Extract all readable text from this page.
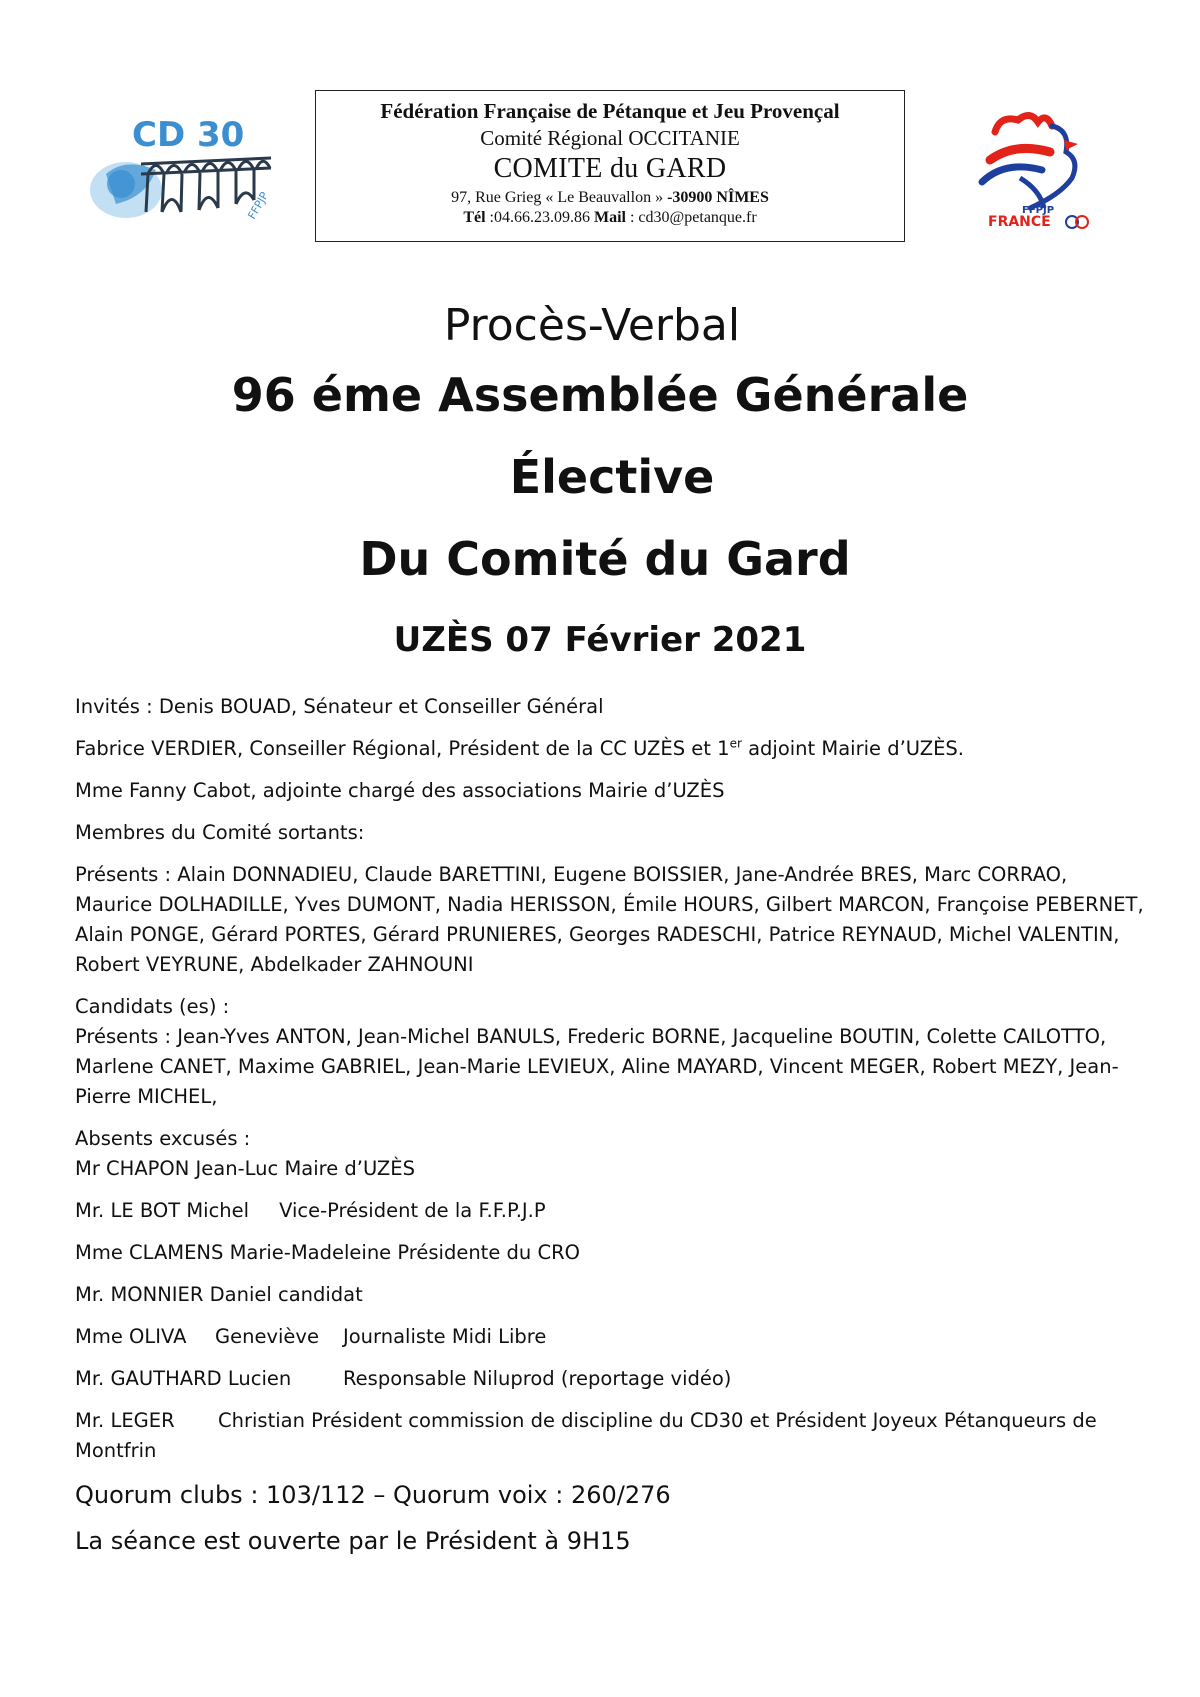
CD 30
FFPJP
Fédération Française de Pétanque et Jeu Provençal
Comité Régional OCCITANIE
COMITE du GARD
97, Rue Grieg « Le Beauvallon » -30900 NÎMES
Tél :04.66.23.09.86 Mail : cd30@petanque.fr	FFPJP
FRANCE
Procès-Verbal
96 éme Assemblée Générale
Élective
Du Comité du Gard
UZÈS 07 Février 2021

Invités : Denis BOUAD, Sénateur et Conseiller Général

Fabrice VERDIER, Conseiller Régional, Président de la CC UZÈS et 1er adjoint Mairie d’UZÈS.

Mme Fanny Cabot, adjointe chargé des associations Mairie d’UZÈS

Membres du Comité sortants:

Présents : Alain DONNADIEU, Claude BARETTINI, Eugene BOISSIER, Jane-Andrée BRES, Marc CORRAO, Maurice DOLHADILLE, Yves DUMONT, Nadia HERISSON, Émile HOURS, Gilbert MARCON, Françoise PEBERNET, Alain PONGE, Gérard PORTES, Gérard PRUNIERES, Georges RADESCHI, Patrice REYNAUD, Michel VALENTIN, Robert VEYRUNE, Abdelkader ZAHNOUNI

Candidats (es) :

Présents : Jean-Yves ANTON, Jean-Michel BANULS, Frederic BORNE, Jacqueline BOUTIN, Colette CAILOTTO, Marlene CANET, Maxime GABRIEL, Jean-Marie LEVIEUX, Aline MAYARD, Vincent MEGER, Robert MEZY, Jean-Pierre MICHEL,

Absents excusés :

Mr CHAPON Jean-Luc Maire d’UZÈS

Mr. LE BOT Michel Vice-Président de la F.F.P.J.P

Mme CLAMENS Marie-Madeleine Présidente du CRO

Mr. MONNIER Daniel candidat

Mme OLIVA Geneviève Journaliste Midi Libre

Mr. GAUTHARD Lucien	Responsable Niluprod (reportage vidéo)

Mr. LEGER Christian Président commission de discipline du CD30 et Président Joyeux Pétanqueurs de Montfrin

Quorum clubs : 103/112 – Quorum voix : 260/276

La séance est ouverte par le Président à 9H15
